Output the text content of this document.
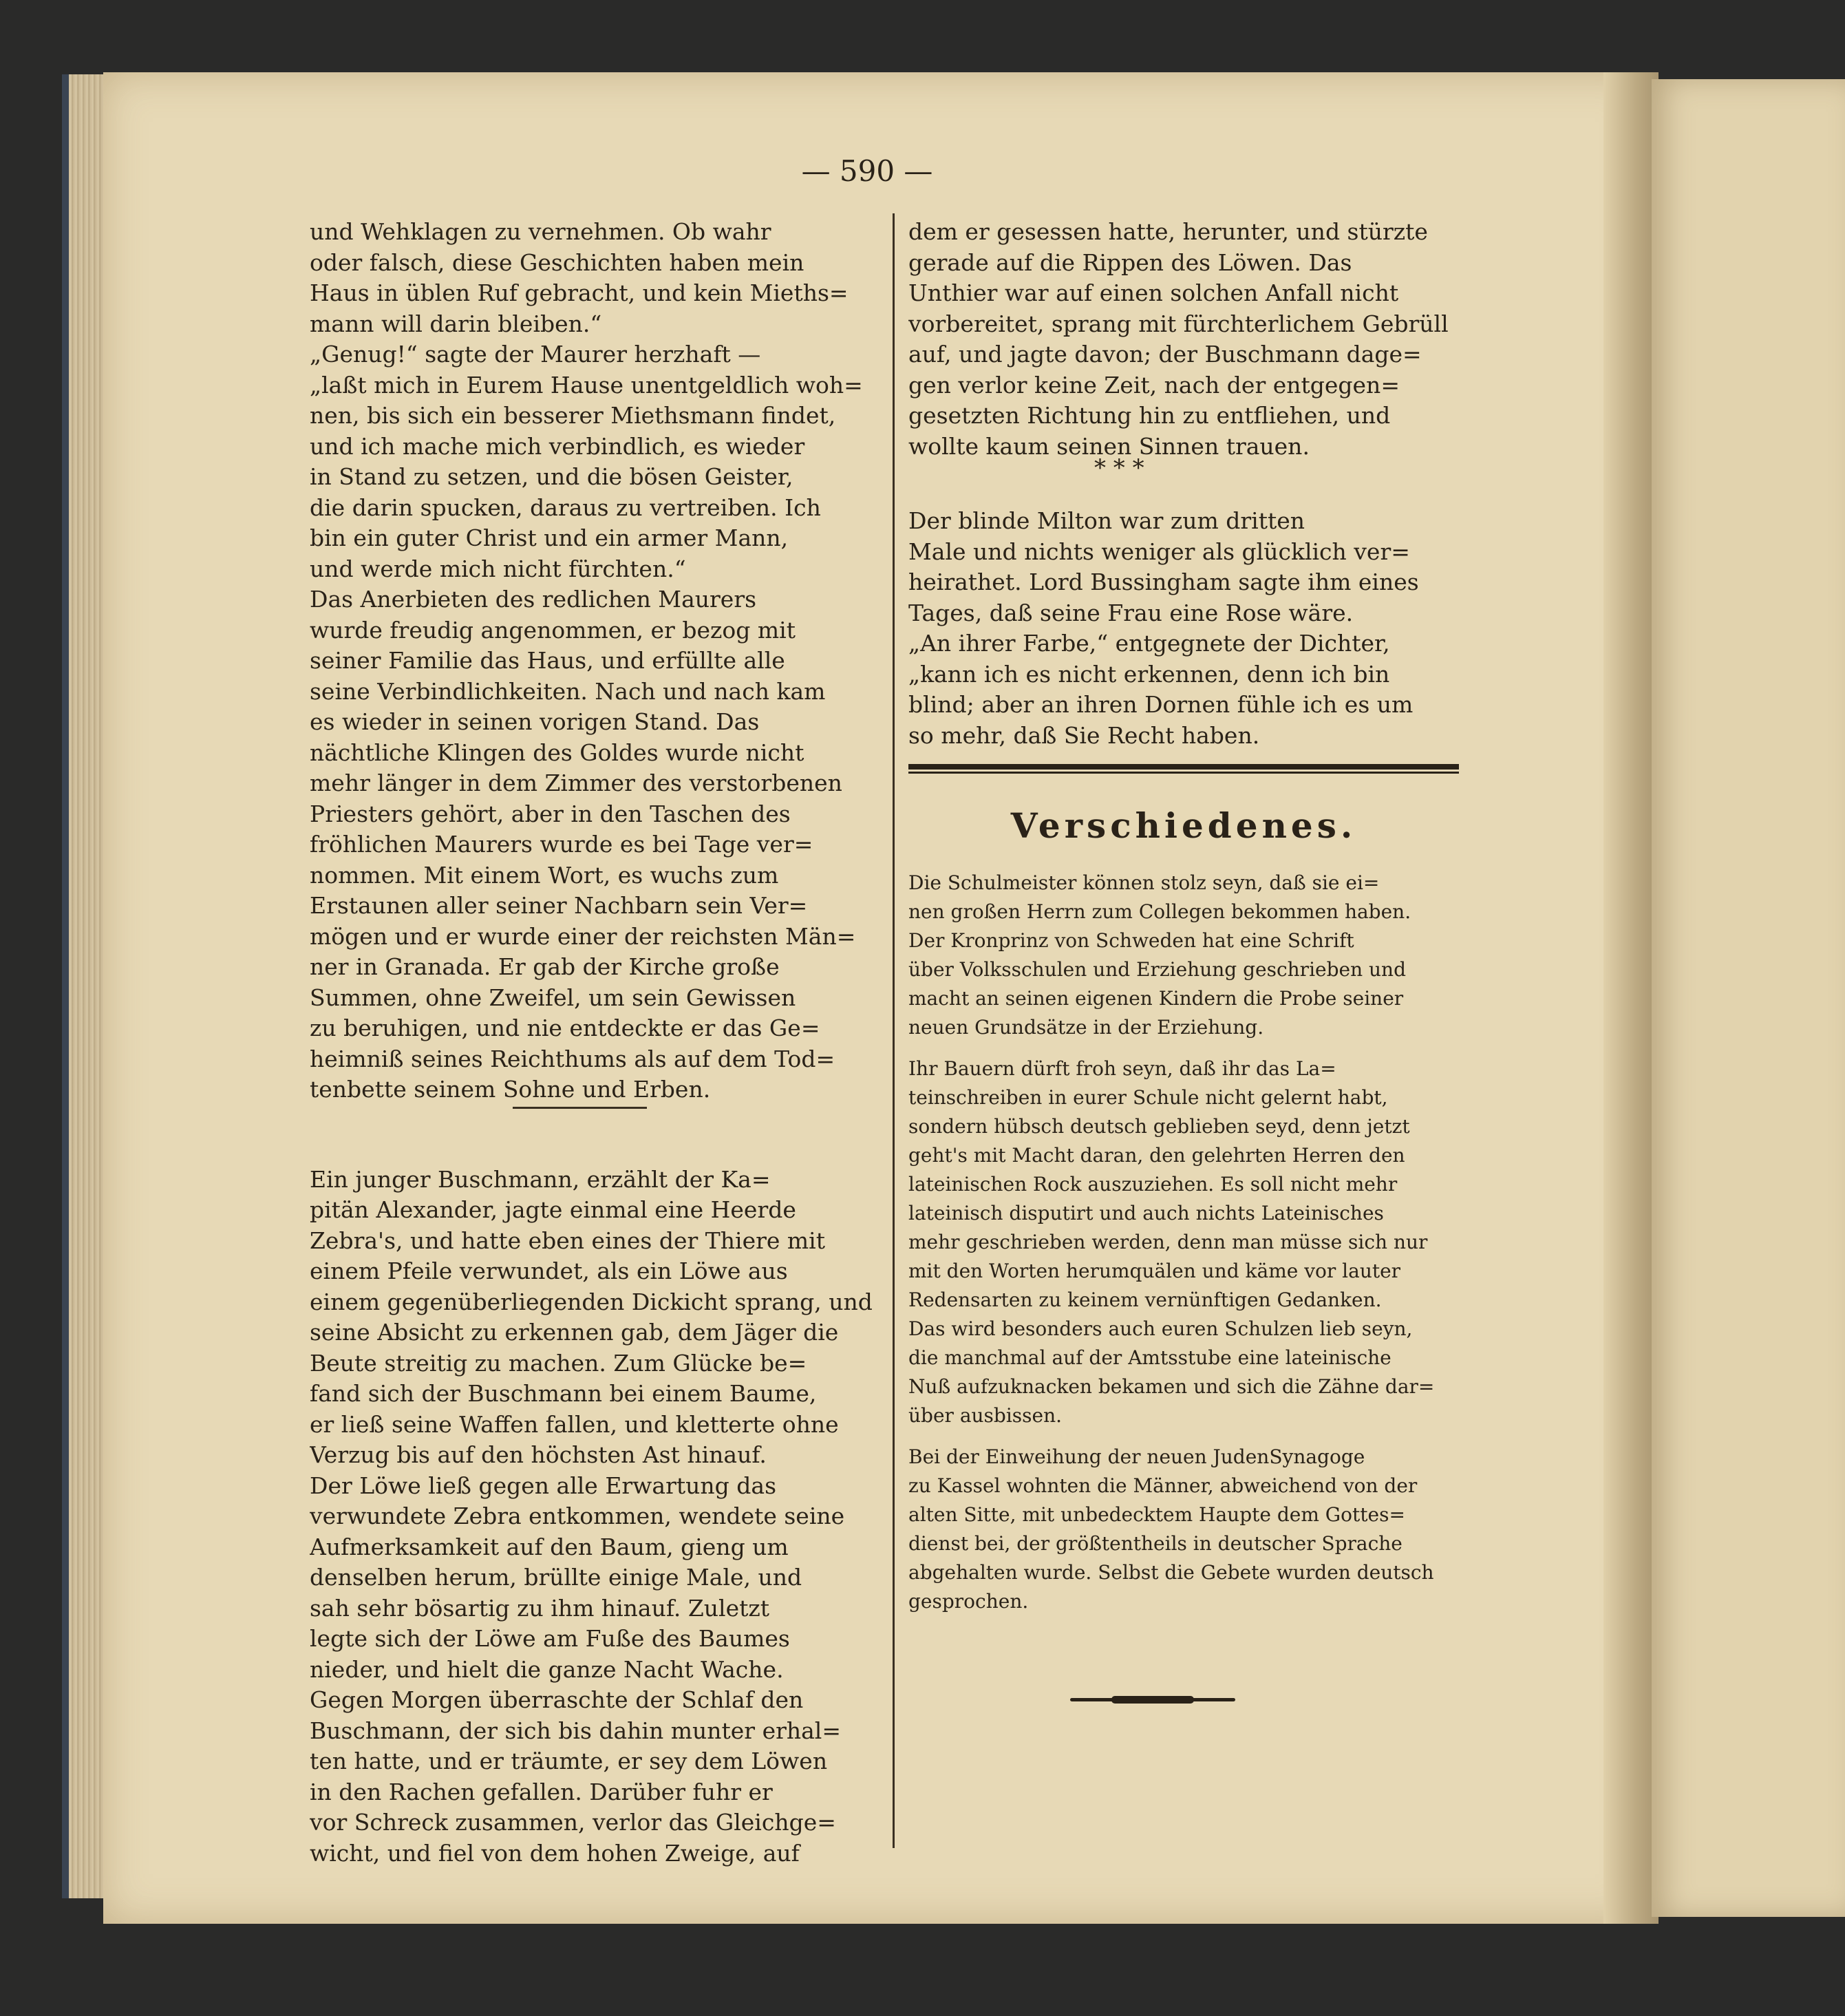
— 590 —
und Wehklagen zu vernehmen. Ob wahr
oder falsch, diese Geschichten haben mein
Haus in üblen Ruf gebracht, und kein Mieths=
mann will darin bleiben.“
„Genug!“ sagte der Maurer herzhaft —
„laßt mich in Eurem Hause unentgeldlich woh=
nen, bis sich ein besserer Miethsmann findet,
und ich mache mich verbindlich, es wieder
in Stand zu setzen, und die bösen Geister,
die darin spucken, daraus zu vertreiben. Ich
bin ein guter Christ und ein armer Mann,
und werde mich nicht fürchten.“
Das Anerbieten des redlichen Maurers
wurde freudig angenommen, er bezog mit
seiner Familie das Haus, und erfüllte alle
seine Verbindlichkeiten. Nach und nach kam
es wieder in seinen vorigen Stand. Das
nächtliche Klingen des Goldes wurde nicht
mehr länger in dem Zimmer des verstorbenen
Priesters gehört, aber in den Taschen des
fröhlichen Maurers wurde es bei Tage ver=
nommen. Mit einem Wort, es wuchs zum
Erstaunen aller seiner Nachbarn sein Ver=
mögen und er wurde einer der reichsten Män=
ner in Granada. Er gab der Kirche große
Summen, ohne Zweifel, um sein Gewissen
zu beruhigen, und nie entdeckte er das Ge=
heimniß seines Reichthums als auf dem Tod=
tenbette seinem Sohne und Erben.
Ein junger Buschmann, erzählt der Ka=
pitän Alexander, jagte einmal eine Heerde
Zebra's, und hatte eben eines der Thiere mit
einem Pfeile verwundet, als ein Löwe aus
einem gegenüberliegenden Dickicht sprang, und
seine Absicht zu erkennen gab, dem Jäger die
Beute streitig zu machen. Zum Glücke be=
fand sich der Buschmann bei einem Baume,
er ließ seine Waffen fallen, und kletterte ohne
Verzug bis auf den höchsten Ast hinauf.
Der Löwe ließ gegen alle Erwartung das
verwundete Zebra entkommen, wendete seine
Aufmerksamkeit auf den Baum, gieng um
denselben herum, brüllte einige Male, und
sah sehr bösartig zu ihm hinauf. Zuletzt
legte sich der Löwe am Fuße des Baumes
nieder, und hielt die ganze Nacht Wache.
Gegen Morgen überraschte der Schlaf den
Buschmann, der sich bis dahin munter erhal=
ten hatte, und er träumte, er sey dem Löwen
in den Rachen gefallen. Darüber fuhr er
vor Schreck zusammen, verlor das Gleichge=
wicht, und fiel von dem hohen Zweige, auf
dem er gesessen hatte, herunter, und stürzte
gerade auf die Rippen des Löwen. Das
Unthier war auf einen solchen Anfall nicht
vorbereitet, sprang mit fürchterlichem Gebrüll
auf, und jagte davon; der Buschmann dage=
gen verlor keine Zeit, nach der entgegen=
gesetzten Richtung hin zu entfliehen, und
wollte kaum seinen Sinnen trauen.
Der blinde Milton war zum dritten
Male und nichts weniger als glücklich ver=
heirathet. Lord Bussingham sagte ihm eines
Tages, daß seine Frau eine Rose wäre.
„An ihrer Farbe,“ entgegnete der Dichter,
„kann ich es nicht erkennen, denn ich bin
blind; aber an ihren Dornen fühle ich es um
so mehr, daß Sie Recht haben.
* * *
Verschiedenes.
Die Schulmeister können stolz seyn, daß sie ei=
nen großen Herrn zum Collegen bekommen haben.
Der Kronprinz von Schweden hat eine Schrift
über Volksschulen und Erziehung geschrieben und
macht an seinen eigenen Kindern die Probe seiner
neuen Grundsätze in der Erziehung.
Ihr Bauern dürft froh seyn, daß ihr das La=
teinschreiben in eurer Schule nicht gelernt habt,
sondern hübsch deutsch geblieben seyd, denn jetzt
geht's mit Macht daran, den gelehrten Herren den
lateinischen Rock auszuziehen. Es soll nicht mehr
lateinisch disputirt und auch nichts Lateinisches
mehr geschrieben werden, denn man müsse sich nur
mit den Worten herumquälen und käme vor lauter
Redensarten zu keinem vernünftigen Gedanken.
Das wird besonders auch euren Schulzen lieb seyn,
die manchmal auf der Amtsstube eine lateinische
Nuß aufzuknacken bekamen und sich die Zähne dar=
über ausbissen.
Bei der Einweihung der neuen JudenSynagoge
zu Kassel wohnten die Männer, abweichend von der
alten Sitte, mit unbedecktem Haupte dem Gottes=
dienst bei, der größtentheils in deutscher Sprache
abgehalten wurde. Selbst die Gebete wurden deutsch
gesprochen.
